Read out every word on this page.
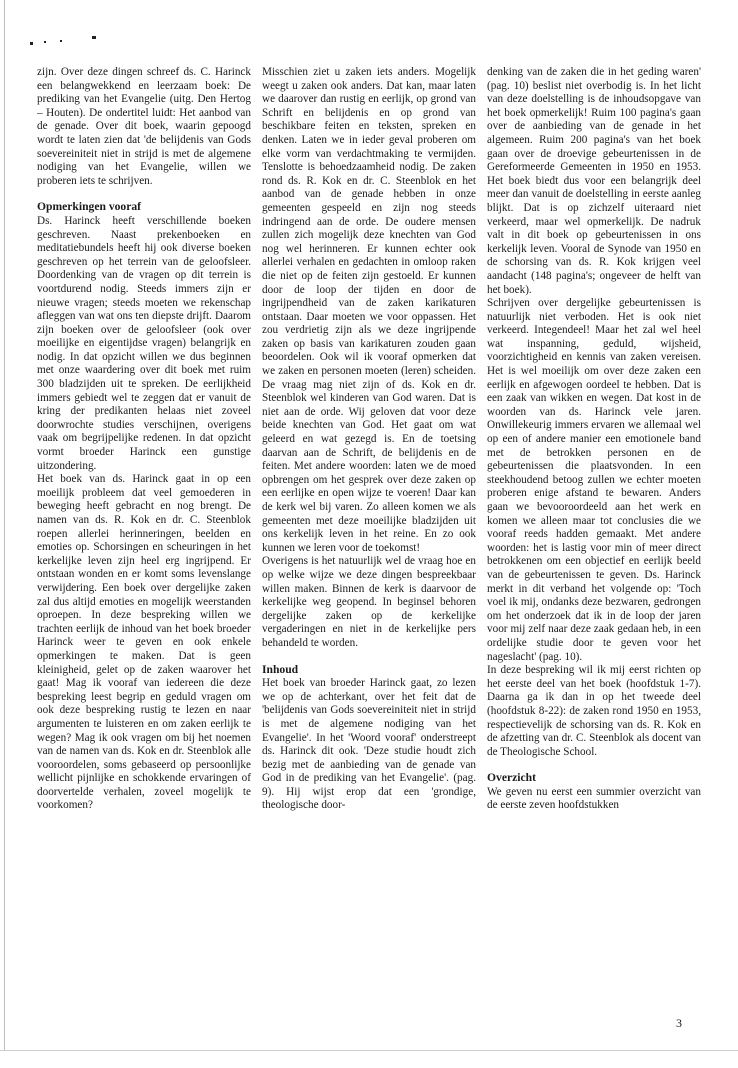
zijn. Over deze dingen schreef ds. C. Harinck een belangwekkend en leerzaam boek: De prediking van het Evangelie (uitg. Den Hertog – Houten). De ondertitel luidt: Het aanbod van de genade. Over dit boek, waarin gepoogd wordt te laten zien dat 'de belijdenis van Gods soevereiniteit niet in strijd is met de algemene nodiging van het Evangelie, willen we proberen iets te schrijven.

Opmerkingen vooraf

Ds. Harinck heeft verschillende boeken geschreven. Naast prekenboeken en meditatiebundels heeft hij ook diverse boeken geschreven op het terrein van de geloofsleer. Doordenking van de vragen op dit terrein is voortdurend nodig. Steeds immers zijn er nieuwe vragen; steeds moeten we rekenschap afleggen van wat ons ten diepste drijft. Daarom zijn boeken over de geloofsleer (ook over moeilijke en eigentijdse vragen) belangrijk en nodig. In dat opzicht willen we dus beginnen met onze waardering over dit boek met ruim 300 bladzijden uit te spreken. De eerlijkheid immers gebiedt wel te zeggen dat er vanuit de kring der predikanten helaas niet zoveel doorwrochte studies verschijnen, overigens vaak om begrijpelijke redenen. In dat opzicht vormt broeder Harinck een gunstige uitzondering.

Het boek van ds. Harinck gaat in op een moeilijk probleem dat veel gemoederen in beweging heeft gebracht en nog brengt. De namen van ds. R. Kok en dr. C. Steenblok roepen allerlei herinneringen, beelden en emoties op. Schorsingen en scheuringen in het kerkelijke leven zijn heel erg ingrijpend. Er ontstaan wonden en er komt soms levenslange verwijdering. Een boek over dergelijke zaken zal dus altijd emoties en mogelijk weerstanden oproepen. In deze bespreking willen we trachten eerlijk de inhoud van het boek broeder Harinck weer te geven en ook enkele opmerkingen te maken. Dat is geen kleinigheid, gelet op de zaken waarover het gaat! Mag ik vooraf van iedereen die deze bespreking leest begrip en geduld vragen om ook deze bespreking rustig te lezen en naar argumenten te luisteren en om zaken eerlijk te wegen? Mag ik ook vragen om bij het noemen van de namen van ds. Kok en dr. Steenblok alle vooroordelen, soms gebaseerd op persoonlijke wellicht pijnlijke en schokkende ervaringen of doorvertelde verhalen, zoveel mogelijk te voorkomen?

Misschien ziet u zaken iets anders. Mogelijk weegt u zaken ook anders. Dat kan, maar laten we daarover dan rustig en eerlijk, op grond van Schrift en belijdenis en op grond van beschikbare feiten en teksten, spreken en denken. Laten we in ieder geval proberen om elke vorm van verdachtmaking te vermijden. Tenslotte is behoedzaamheid nodig. De zaken rond ds. R. Kok en dr. C. Steenblok en het aanbod van de genade hebben in onze gemeenten gespeeld en zijn nog steeds indringend aan de orde. De oudere mensen zullen zich mogelijk deze knechten van God nog wel herinneren. Er kunnen echter ook allerlei verhalen en gedachten in omloop raken die niet op de feiten zijn gestoeld. Er kunnen door de loop der tijden en door de ingrijpendheid van de zaken karikaturen ontstaan. Daar moeten we voor oppassen. Het zou verdrietig zijn als we deze ingrijpende zaken op basis van karikaturen zouden gaan beoordelen. Ook wil ik vooraf opmerken dat we zaken en personen moeten (leren) scheiden. De vraag mag niet zijn of ds. Kok en dr. Steenblok wel kinderen van God waren. Dat is niet aan de orde. Wij geloven dat voor deze beide knechten van God. Het gaat om wat geleerd en wat gezegd is. En de toetsing daarvan aan de Schrift, de belijdenis en de feiten. Met andere woorden: laten we de moed opbrengen om het gesprek over deze zaken op een eerlijke en open wijze te voeren! Daar kan de kerk wel bij varen. Zo alleen komen we als gemeenten met deze moeilijke bladzijden uit ons kerkelijk leven in het reine. En zo ook kunnen we leren voor de toekomst!

Overigens is het natuurlijk wel de vraag hoe en op welke wijze we deze dingen bespreekbaar willen maken. Binnen de kerk is daarvoor de kerkelijke weg geopend. In beginsel behoren dergelijke zaken op de kerkelijke vergaderingen en niet in de kerkelijke pers behandeld te worden.

Inhoud

Het boek van broeder Harinck gaat, zo lezen we op de achterkant, over het feit dat de 'belijdenis van Gods soevereiniteit niet in strijd is met de algemene nodiging van het Evangelie'. In het 'Woord vooraf' onderstreept ds. Harinck dit ook. 'Deze studie houdt zich bezig met de aanbieding van de genade van God in de prediking van het Evangelie'. (pag. 9). Hij wijst erop dat een 'grondige, theologische door-

denking van de zaken die in het geding waren' (pag. 10) beslist niet overbodig is. In het licht van deze doelstelling is de inhoudsopgave van het boek opmerkelijk! Ruim 100 pagina's gaan over de aanbieding van de genade in het algemeen. Ruim 200 pagina's van het boek gaan over de droevige gebeurtenissen in de Gereformeerde Gemeenten in 1950 en 1953. Het boek biedt dus voor een belangrijk deel meer dan vanuit de doelstelling in eerste aanleg blijkt. Dat is op zichzelf uiteraard niet verkeerd, maar wel opmerkelijk. De nadruk valt in dit boek op gebeurtenissen in ons kerkelijk leven. Vooral de Synode van 1950 en de schorsing van ds. R. Kok krijgen veel aandacht (148 pagina's; ongeveer de helft van het boek).

Schrijven over dergelijke gebeurtenissen is natuurlijk niet verboden. Het is ook niet verkeerd. Integendeel! Maar het zal wel heel wat inspanning, geduld, wijsheid, voorzichtigheid en kennis van zaken vereisen. Het is wel moeilijk om over deze zaken een eerlijk en afgewogen oordeel te hebben. Dat is een zaak van wikken en wegen. Dat kost in de woorden van ds. Harinck vele jaren. Onwillekeurig immers ervaren we allemaal wel op een of andere manier een emotionele band met de betrokken personen en de gebeurtenissen die plaatsvonden. In een steekhoudend betoog zullen we echter moeten proberen enige afstand te bewaren. Anders gaan we bevooroordeeld aan het werk en komen we alleen maar tot conclusies die we vooraf reeds hadden gemaakt. Met andere woorden: het is lastig voor min of meer direct betrokkenen om een objectief en eerlijk beeld van de gebeurtenissen te geven. Ds. Harinck merkt in dit verband het volgende op: 'Toch voel ik mij, ondanks deze bezwaren, gedrongen om het onderzoek dat ik in de loop der jaren voor mij zelf naar deze zaak gedaan heb, in een ordelijke studie door te geven voor het nageslacht' (pag. 10).

In deze bespreking wil ik mij eerst richten op het eerste deel van het boek (hoofdstuk 1-7). Daarna ga ik dan in op het tweede deel (hoofdstuk 8-22): de zaken rond 1950 en 1953, respectievelijk de schorsing van ds. R. Kok en de afzetting van dr. C. Steenblok als docent van de Theologische School.

Overzicht

We geven nu eerst een summier overzicht van de eerste zeven hoofdstukken

3
